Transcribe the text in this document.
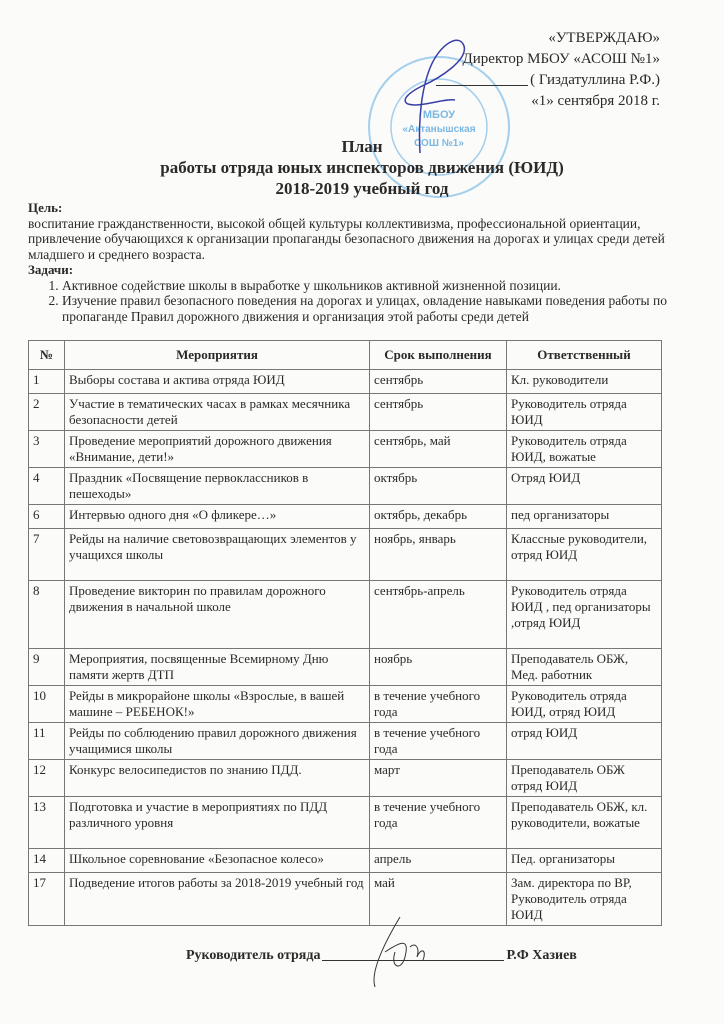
МБОУ
«Актанышская
СОШ №1»
«УТВЕРЖДАЮ»
Директор МБОУ «АСОШ №1»
( Гиздатуллина Р.Ф.)
«1» сентября 2018 г.
План
работы отряда юных инспекторов движения (ЮИД)
2018-2019 учебный год
Цель:
воспитание гражданственности, высокой общей культуры коллективизма, профессиональной ориентации, привлечение обучающихся к организации пропаганды безопасного движения на дорогах и улицах среди детей младшего и среднего возраста.
Задачи:
1. Активное содействие школы в выработке у школьников активной жизненной позиции.
2. Изучение правил безопасного поведения на дорогах и улицах, овладение навыками поведения работы по пропаганде Правил дорожного движения и организация этой работы среди детей
№	Мероприятия	Срок выполнения	Ответственный
1	Выборы состава и актива отряда ЮИД	сентябрь	Кл. руководители
2	Участие в тематических часах в рамках месячника безопасности детей	сентябрь	Руководитель отряда ЮИД
3	Проведение мероприятий дорожного движения «Внимание, дети!»	сентябрь, май	Руководитель отряда ЮИД, вожатые
4	Праздник «Посвящение первоклассников в пешеходы»	октябрь	Отряд ЮИД
6	Интервью одного дня «О фликере…»	октябрь, декабрь	пед организаторы
7	Рейды на наличие световозвращающих элементов у учащихся школы	ноябрь, январь	Классные руководители, отряд ЮИД
8	Проведение викторин по правилам дорожного движения в начальной школе	сентябрь-апрель	Руководитель отряда ЮИД , пед организаторы ,отряд ЮИД
9	Мероприятия, посвященные Всемирному Дню памяти жертв ДТП	ноябрь	Преподаватель ОБЖ, Мед. работник
10	Рейды в микрорайоне школы «Взрослые, в вашей машине – РЕБЕНОК!»	в течение учебного года	Руководитель отряда ЮИД, отряд ЮИД
11	Рейды по соблюдению правил дорожного движения учащимися школы	в течение учебного года	отряд ЮИД
12	Конкурс велосипедистов по знанию ПДД.	март	Преподаватель ОБЖ отряд ЮИД
13	Подготовка и участие в мероприятиях по ПДД различного уровня	в течение учебного года	Преподаватель ОБЖ, кл. руководители, вожатые
14	Школьное соревнование «Безопасное колесо»	апрель	Пед. организаторы
17	Подведение итогов работы за 2018-2019 учебный год	май	Зам. директора по ВР, Руководитель отряда ЮИД
Руководитель отряда	Р.Ф Хазиев
